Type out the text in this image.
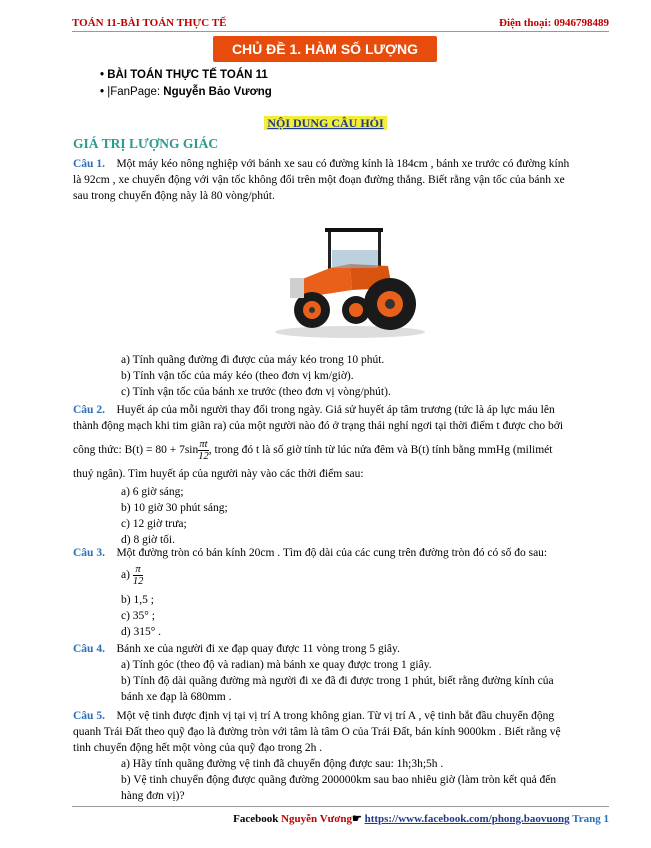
TOÁN 11-BÀI TOÁN THỰC TẾ	Điện thoại: 0946798489
CHỦ ĐỀ 1. HÀM SỐ LƯỢNG GIÁC
• BÀI TOÁN THỰC TẾ TOÁN 11
• |FanPage: Nguyễn Bảo Vương
NỘI DUNG CÂU HỎI
GIÁ TRỊ LƯỢNG GIÁC
Câu 1. Một máy kéo nông nghiệp với bánh xe sau có đường kính là 184cm , bánh xe trước có đường kính
là 92cm , xe chuyển động với vận tốc không đổi trên một đoạn đường thẳng. Biết rằng vận tốc của bánh xe
sau trong chuyển động này là 80 vòng/phút.
a) Tính quãng đường đi được của máy kéo trong 10 phút.
b) Tính vận tốc của máy kéo (theo đơn vị km/giờ).
c) Tính vận tốc của bánh xe trước (theo đơn vị vòng/phút).
Câu 2. Huyết áp của mỗi người thay đổi trong ngày. Giả sử huyết áp tâm trương (tức là áp lực máu lên
thành động mạch khi tim giãn ra) của một người nào đó ở trạng thái nghỉ ngơi tại thời điểm t được cho bởi
công thức: $B(t) = 80 + 7\sin \frac{\pi t}{12}$ , trong đó t là số giờ tính từ lúc nửa đêm và B(t) tính bằng mmHg (milimét
thuỷ ngân). Tìm huyết áp của người này vào các thời điểm sau:
a) 6 giờ sáng;
b) 10 giờ 30 phút sáng;
c) 12 giờ trưa;
d) 8 giờ tối.
Câu 3. Một đường tròn có bán kính 20cm . Tìm độ dài của các cung trên đường tròn đó có số đo sau:
$a) \frac{\pi}{12}$
b) 1,5 ;
c) 35° ;
d) 315° .
Câu 4. Bánh xe của người đi xe đạp quay được 11 vòng trong 5 giây.
a) Tính góc (theo độ và radian) mà bánh xe quay được trong 1 giây.
b) Tính độ dài quãng đường mà người đi xe đã đi được trong 1 phút, biết rằng đường kính của
bánh xe đạp là 680mm .
Câu 5. Một vệ tinh được định vị tại vị trí A trong không gian. Từ vị trí A , vệ tinh bắt đầu chuyển động
quanh Trái Đất theo quỹ đạo là đường tròn với tâm là tâm O của Trái Đất, bán kính 9000km . Biết rằng vệ
tinh chuyển động hết một vòng của quỹ đạo trong 2h .
a) Hãy tính quãng đường vệ tinh đã chuyển động được sau: 1h;3h;5h .
b) Vệ tinh chuyển động được quãng đường 200000km sau bao nhiêu giờ (làm tròn kết quả đến
hàng đơn vị)?
Facebook Nguyễn Vương☛ https://www.facebook.com/phong.baovuong Trang 1
